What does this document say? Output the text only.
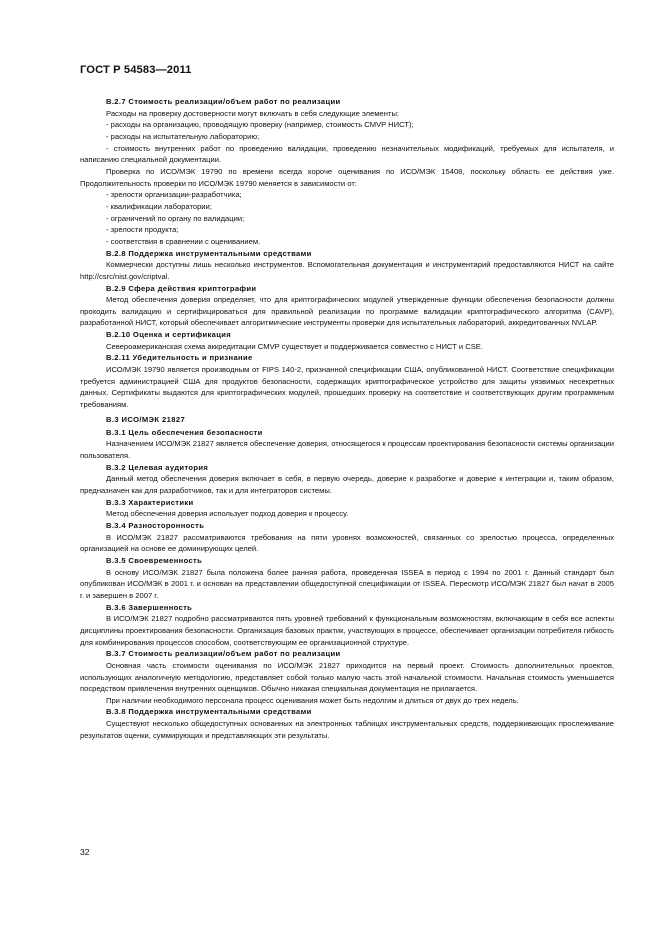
ГОСТ Р 54583—2011
В.2.7 Стоимость реализации/объем работ по реализации

Расходы на проверку достоверности могут включать в себя следующие элементы:

- расходы на организацию, проводящую проверку (например, стоимость CMVP НИСТ);

- расходы на испытательную лабораторию;

- стоимость внутренних работ по проведению валидации, проведению незначительных модификаций, требуемых для испытателя, и написанию специальной документации.

Проверка по ИСО/МЭК 19790 по времени всегда короче оценивания по ИСО/МЭК 15408, поскольку область ее действия уже. Продолжительность проверки по ИСО/МЭК 19790 меняется в зависимости от:

- зрелости организации-разработчика;

- квалификации лаборатории;

- ограничений по органу по валидации;

- зрелости продукта;

- соответствия в сравнении с оцениванием.

В.2.8 Поддержка инструментальными средствами

Коммерчески доступны лишь несколько инструментов. Вспомогательная документация и инструментарий предоставляются НИСТ на сайте http://csrc/nist.gov/criptval.

В.2.9 Сфера действия криптографии

Метод обеспечения доверия определяет, что для криптографических модулей утвержденные функции обеспечения безопасности должны проходить валидацию и сертифицироваться для правильной реализации по программе валидации криптографического алгоритма (CAVP), разработанной НИСТ, который обеспечивает алгоритмические инструменты проверки для испытательных лабораторий, аккредитованных NVLAP.

В.2.10 Оценка и сертификация

Североамериканская схема аккредитации CMVP существует и поддерживается совместно с НИСТ и CSE.

В.2.11 Убедительность и признание

ИСО/МЭК 19790 является производным от FIPS 140-2, признанной спецификации США, опубликованной НИСТ. Соответствие спецификации требуется администрацией США для продуктов безопасности, содержащих криптографическое устройство для защиты уязвимых несекретных данных. Сертификаты выдаются для криптографических модулей, прошедших проверку на соответствие и соответствующих другим программным требованиям.

В.3 ИСО/МЭК 21827
В.3.1 Цель обеспечения безопасности

Назначением ИСО/МЭК 21827 является обеспечение доверия, относящегося к процессам проектирования безопасности системы организации пользователя.

В.3.2 Целевая аудитория

Данный метод обеспечения доверия включает в себя, в первую очередь, доверие к разработке и доверие к интеграции и, таким образом, предназначен как для разработчиков, так и для интеграторов системы.

В.3.3 Характеристики

Метод обеспечения доверия использует подход доверия к процессу.

В.3.4 Разносторонность

В ИСО/МЭК 21827 рассматриваются требования на пяти уровнях возможностей, связанных со зрелостью процесса, определенных организацией на основе ее доминирующих целей.

В.3.5 Своевременность

В основу ИСО/МЭК 21827 была положена более ранняя работа, проведенная ISSEA в период с 1994 по 2001 г. Данный стандарт был опубликован ИСО/МЭК в 2001 г. и основан на представлении общедоступной спецификации от ISSEA. Пересмотр ИСО/МЭК 21827 был начат в 2005 г. и завершен в 2007 г.

В.3.6 Завершенность

В ИСО/МЭК 21827 подробно рассматриваются пять уровней требований к функциональным возможностям, включающим в себя все аспекты дисциплины проектирования безопасности. Организация базовых практик, участвующих в процессе, обеспечивает организации потребителя гибкость для комбинирования процессов способом, соответствующим ее организационной структуре.

В.3.7 Стоимость реализации/объем работ по реализации

Основная часть стоимости оценивания по ИСО/МЭК 21827 приходится на первый проект. Стоимость дополнительных проектов, использующих аналогичную методологию, представляет собой только малую часть этой начальной стоимости. Начальная стоимость уменьшается посредством привлечения внутренних оценщиков. Обычно никакая специальная документация не прилагается.

При наличии необходимого персонала процесс оценивания может быть недолгим и длиться от двух до трех недель.

В.3.8 Поддержка инструментальными средствами

Существуют несколько общедоступных основанных на электронных таблицах инструментальных средств, поддерживающих прослеживание результатов оценки, суммирующих и представляющих эти результаты.

32
